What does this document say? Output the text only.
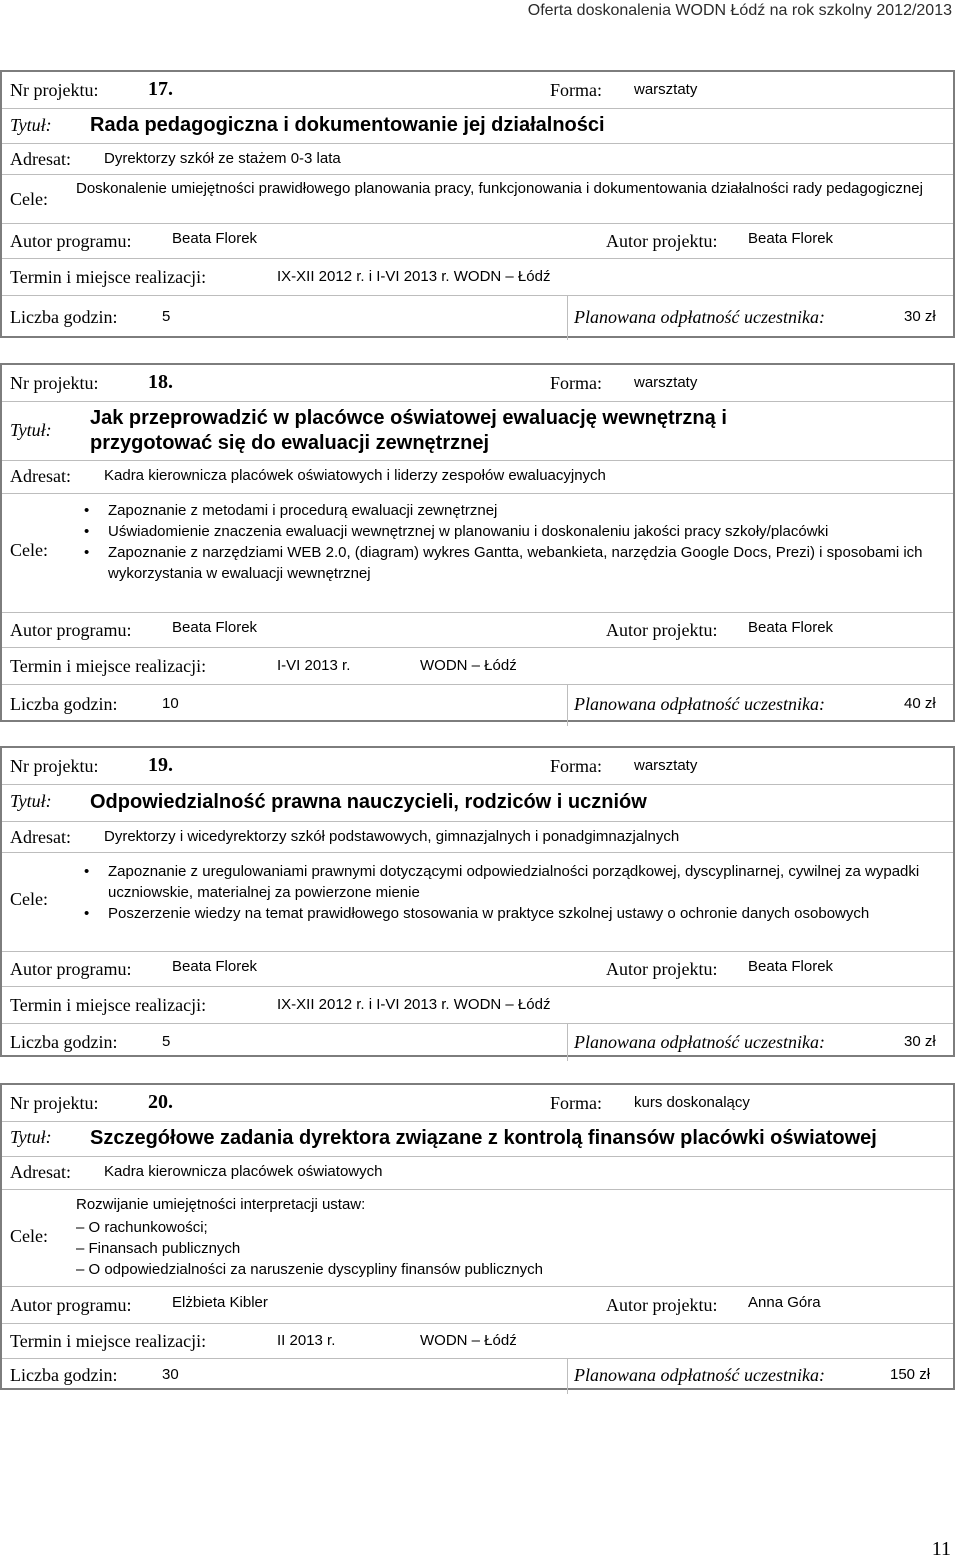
Oferta doskonalenia WODN Łódź na rok szkolny 2012/2013
Nr projektu: 17.	Forma: warsztaty
Tytuł: Rada pedagogiczna i dokumentowanie jej działalności
Adresat: Dyrektorzy szkół ze stażem 0-3 lata
Cele:
Doskonalenie umiejętności prawidłowego planowania pracy, funkcjonowania i dokumentowania działalności rady pedagogicznej
Autor programu:	Beata Florek	Autor projektu: Beata Florek
Termin i miejsce realizacji:	IX-XII 2012 r. i I-VI 2013 r. WODN – Łódź
Liczba godzin:	5	Planowana odpłatność uczestnika:	30 zł
Nr projektu: 18.	Forma: warsztaty
Tytuł:
Jak przeprowadzić w placówce oświatowej ewaluację wewnętrzną i przygotować się do ewaluacji zewnętrznej
Adresat: Kadra kierownicza placówek oświatowych i liderzy zespołów ewaluacyjnych
Cele:
• Zapoznanie z metodami i procedurą ewaluacji zewnętrznej
• Uświadomienie znaczenia ewaluacji wewnętrznej w planowaniu i doskonaleniu jakości pracy szkoły/placówki
• Zapoznanie z narzędziami WEB 2.0, (diagram) wykres Gantta, webankieta, narzędzia Google Docs, Prezi) i sposobami ich wykorzystania w ewaluacji wewnętrznej
Autor programu:	Beata Florek	Autor projektu: Beata Florek
Termin i miejsce realizacji:	I-VI 2013 r.	WODN – Łódź
Liczba godzin:	10	Planowana odpłatność uczestnika:	40 zł
Nr projektu: 19.	Forma: warsztaty
Tytuł: Odpowiedzialność prawna nauczycieli, rodziców i uczniów
Adresat: Dyrektorzy i wicedyrektorzy szkół podstawowych, gimnazjalnych i ponadgimnazjalnych
Cele:
• Zapoznanie z uregulowaniami prawnymi dotyczącymi odpowiedzialności porządkowej, dyscyplinarnej, cywilnej za wypadki uczniowskie, materialnej za powierzone mienie
• Poszerzenie wiedzy na temat prawidłowego stosowania w praktyce szkolnej ustawy o ochronie danych osobowych
Autor programu:	Beata Florek	Autor projektu: Beata Florek
Termin i miejsce realizacji:	IX-XII 2012 r. i I-VI 2013 r. WODN – Łódź
Liczba godzin:	5	Planowana odpłatność uczestnika:	30 zł
Nr projektu: 20.	Forma: kurs doskonalący
Tytuł: Szczegółowe zadania dyrektora związane z kontrolą finansów placówki oświatowej
Adresat: Kadra kierownicza placówek oświatowych
Cele:
Rozwijanie umiejętności interpretacji ustaw:
– O rachunkowości;
– Finansach publicznych
– O odpowiedzialności za naruszenie dyscypliny finansów publicznych
Autor programu:	Elżbieta Kibler	Autor projektu: Anna Góra
Termin i miejsce realizacji:	II 2013 r.	WODN – Łódź
Liczba godzin:	30	Planowana odpłatność uczestnika:	150 zł
11
